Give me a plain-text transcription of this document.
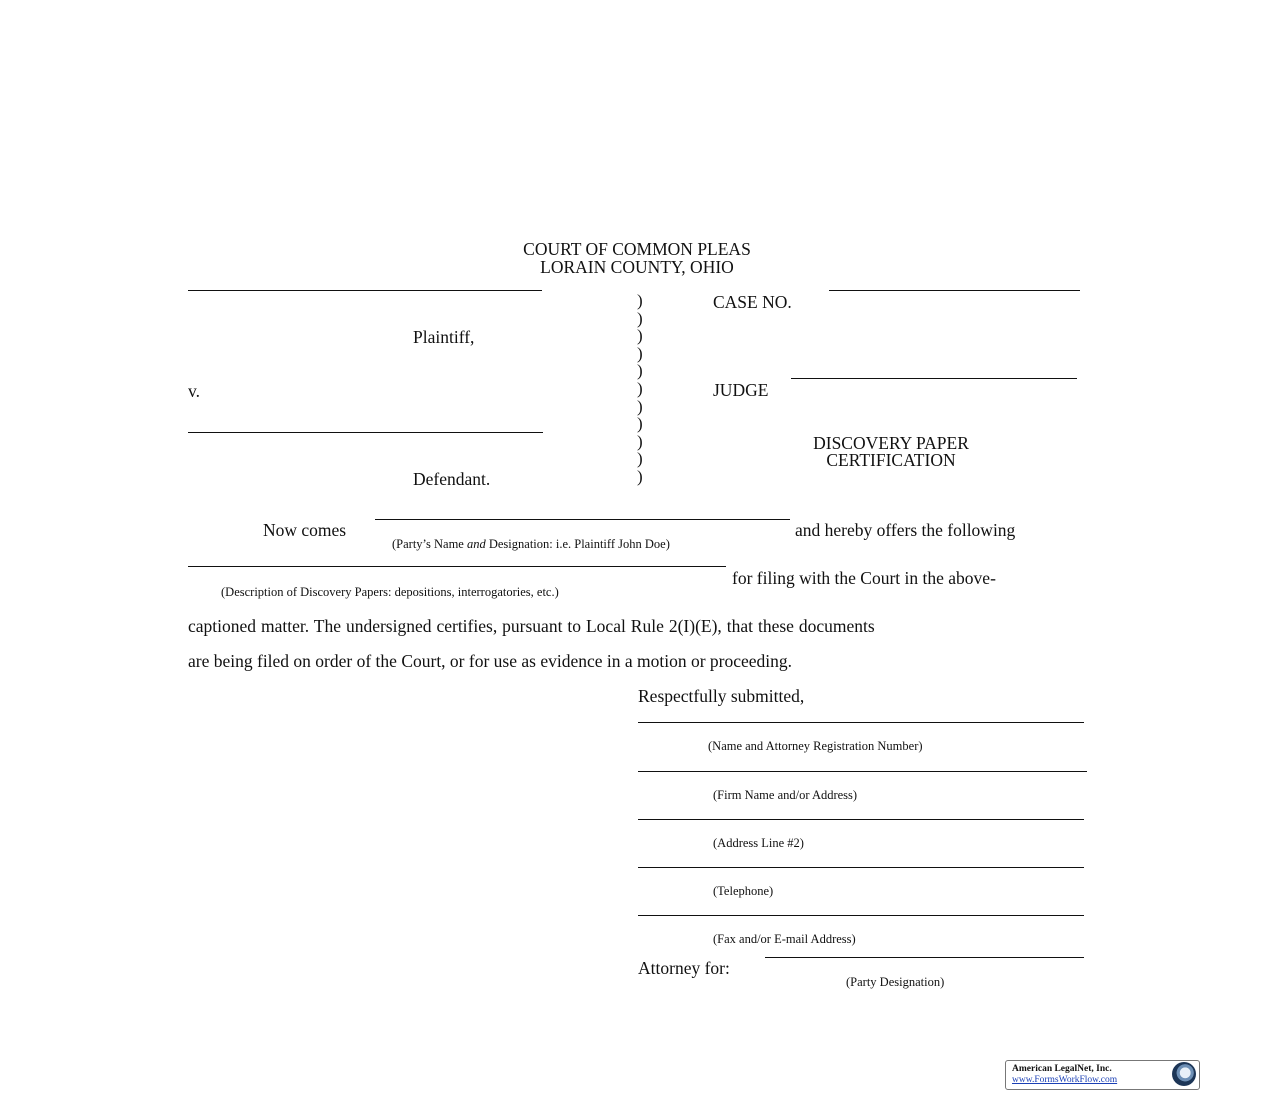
COURT OF COMMON PLEAS
LORAIN COUNTY, OHIO
Plaintiff,
v.
Defendant.
)
)
)
)
)
)
)
)
)
)
)
CASE NO.
JUDGE
DISCOVERY PAPER
CERTIFICATION
Now comes	and hereby offers the following
(Party’s Name and Designation: i.e. Plaintiff John Doe)
for filing with the Court in the above-
(Description of Discovery Papers: depositions, interrogatories, etc.)
captioned matter. The undersigned certifies, pursuant to Local Rule 2(I)(E), that these documents
are being filed on order of the Court, or for use as evidence in a motion or proceeding.
Respectfully submitted,
(Name and Attorney Registration Number)
(Firm Name and/or Address)
(Address Line #2)
(Telephone)
(Fax and/or E-mail Address)
Attorney for:
(Party Designation)
American LegalNet, Inc.
www.FormsWorkFlow.com
